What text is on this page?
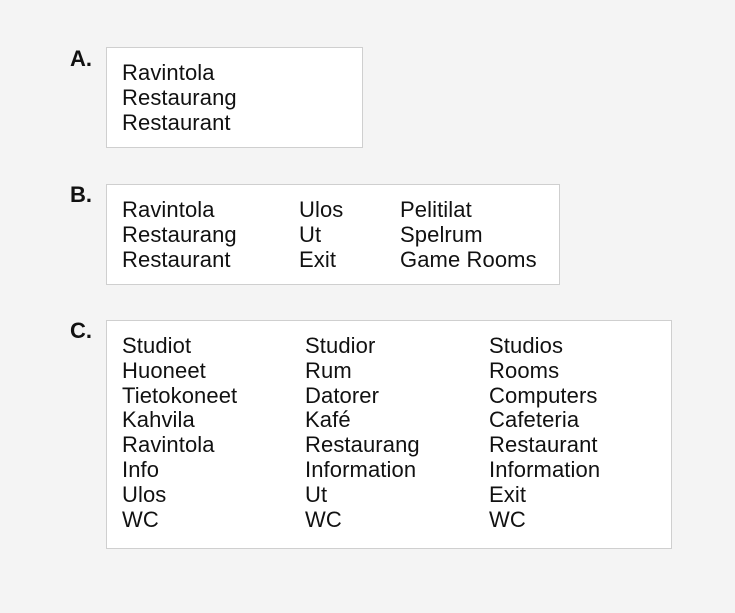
A.
Ravintola
Restaurang
Restaurant
B.
Ravintola
Restaurang
Restaurant
Ulos
Ut
Exit
Pelitilat
Spelrum
Game Rooms
C.
Studiot
Huoneet
Tietokoneet
Kahvila
Ravintola
Info
Ulos
WC
Studior
Rum
Datorer
Kafé
Restaurang
Information
Ut
WC
Studios
Rooms
Computers
Cafeteria
Restaurant
Information
Exit
WC
